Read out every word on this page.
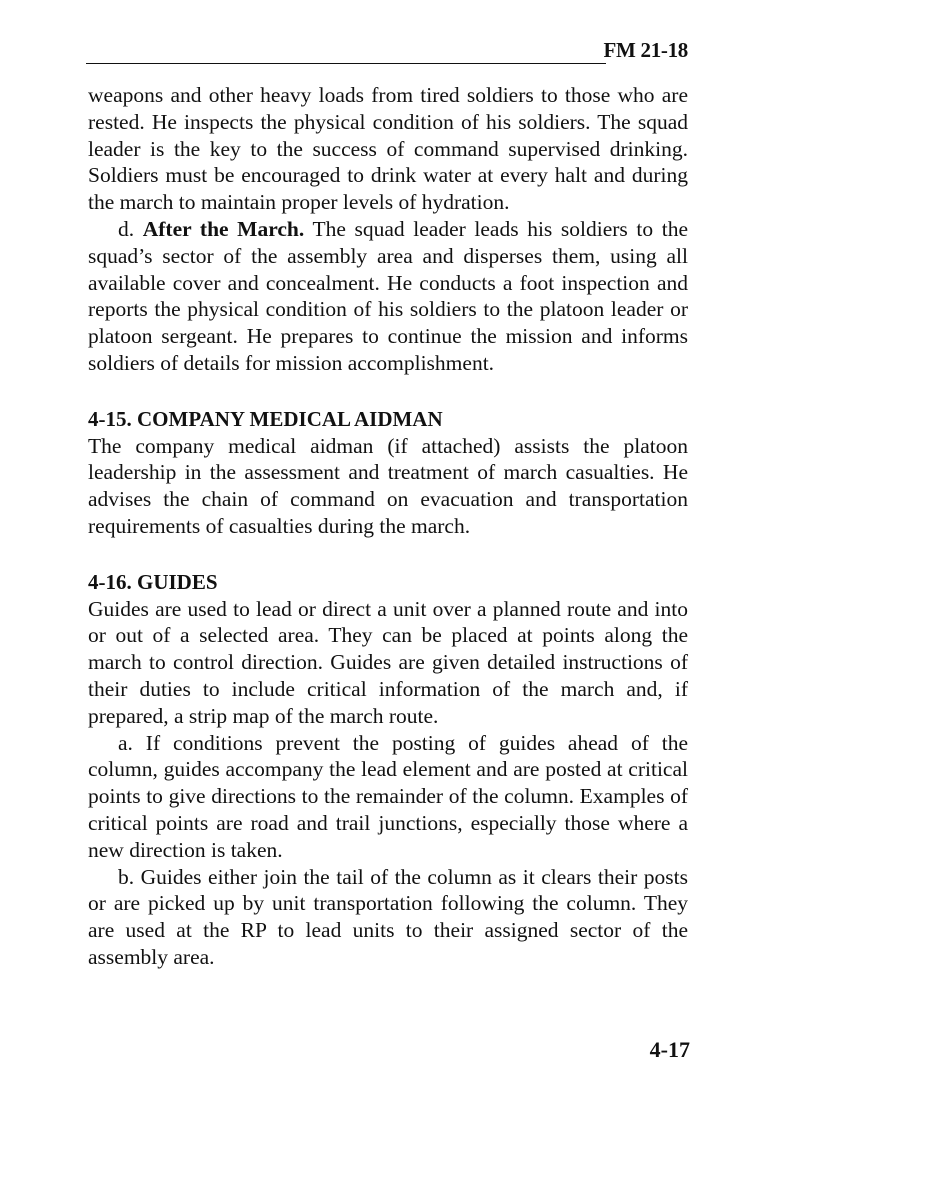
FM 21-18

weapons and other heavy loads from tired soldiers to those who are rested. He inspects the physical condition of his soldiers. The squad leader is the key to the success of command supervised drinking. Soldiers must be encouraged to drink water at every halt and during the march to maintain proper levels of hydration.

d. After the March. The squad leader leads his soldiers to the squad’s sector of the assembly area and disperses them, using all available cover and concealment. He conducts a foot inspection and reports the physical condition of his soldiers to the platoon leader or platoon sergeant. He prepares to continue the mission and informs soldiers of details for mission accomplishment.

4-15. COMPANY MEDICAL AIDMAN

The company medical aidman (if attached) assists the platoon leadership in the assessment and treatment of march casualties. He advises the chain of command on evacuation and transportation requirements of casualties during the march.

4-16. GUIDES

Guides are used to lead or direct a unit over a planned route and into or out of a selected area. They can be placed at points along the march to control direction. Guides are given detailed instructions of their duties to include critical information of the march and, if prepared, a strip map of the march route.

a. If conditions prevent the posting of guides ahead of the column, guides accompany the lead element and are posted at critical points to give directions to the remainder of the column. Examples of critical points are road and trail junctions, especially those where a new direction is taken.

b. Guides either join the tail of the column as it clears their posts or are picked up by unit transportation following the column. They are used at the RP to lead units to their assigned sector of the assembly area.

4-17
